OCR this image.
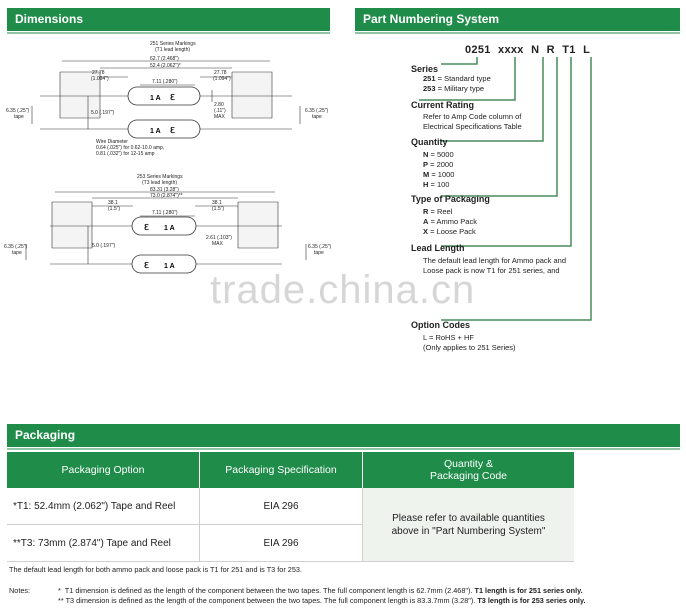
Dimensions	Part Numbering System
Packaging
1 A
1 A
ℇ
ℇ
251 Series Markings
(T1 lead length)
62.7 (2.468")
52.4 (2.062")*
27.78
(1.094")
27.78
(1.094")
7.11 (.280")
6.35 (.25")
tape
5.0 (.197")
2.80
(.11")
MAX
6.35 (.25")
tape
Wire Diameter
0.64 (.025") for 0.62-10.0 amp,
0.81 (.032") for 12-15 amp
ℇ
ℇ
1 A
1 A
253 Series Markings
(T3 lead length)
83.31 (3.28")
73.0 (2.874")**
38.1
(1.5")
38.1
(1.5")
7.11 (.280")
6.35 (.25")
tape
5.0 (.197")
2.61 (.103")
MAX	6.35 (.25")
tape
0251 xxxx N R T1 L
Series
251 = Standard type
253 = Military type
Current Rating
Refer to Amp Code column of
Electrical Specifications Table
Quantity
N = 5000
P = 2000
M = 1000
H = 100
Type of Packaging
R = Reel
A = Ammo Pack
X = Loose Pack
Lead Length
The default lead length for Ammo pack and
Loose pack is now T1 for 251 series, and
Option Codes
L = RoHS + HF
(Only applies to 251 Series)
trade.china.cn
Packaging Option	Packaging Specification	Quantity &
Packaging Code
*T1: 52.4mm (2.062") Tape and Reel	EIA 296	Please refer to available quantities
above in "Part Numbering System"
**T3: 73mm (2.874") Tape and Reel	EIA 296	
The default lead length for both ammo pack and loose pack is T1 for 251 and is T3 for 253.
Notes:	* T1 dimension is defined as the length of the component between the two tapes. The full component length is 62.7mm (2.468"). T1 length is for 251 series only.
** T3 dimension is defined as the length of the component between the two tapes. The full component length is 83.3.7mm (3.28"). T3 length is for 253 series only.
